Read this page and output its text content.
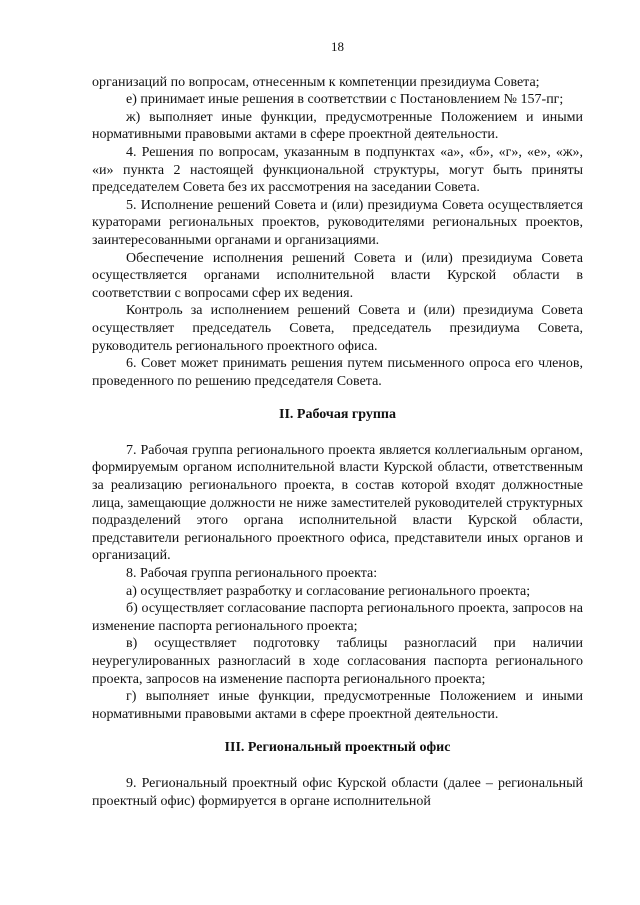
18

организаций по вопросам, отнесенным к компетенции президиума Совета;

е) принимает иные решения в соответствии с Постановлением № 157-пг;

ж) выполняет иные функции, предусмотренные Положением и иными нормативными правовыми актами в сфере проектной деятельности.

4. Решения по вопросам, указанным в подпунктах «а», «б», «г», «е», «ж», «и» пункта 2 настоящей функциональной структуры, могут быть приняты председателем Совета без их рассмотрения на заседании Совета.

5. Исполнение решений Совета и (или) президиума Совета осуществляется кураторами региональных проектов, руководителями региональных проектов, заинтересованными органами и организациями.

Обеспечение исполнения решений Совета и (или) президиума Совета осуществляется органами исполнительной власти Курской области в соответствии с вопросами сфер их ведения.

Контроль за исполнением решений Совета и (или) президиума Совета осуществляет председатель Совета, председатель президиума Совета, руководитель регионального проектного офиса.

6. Совет может принимать решения путем письменного опроса его членов, проведенного по решению председателя Совета.

II. Рабочая группа

7. Рабочая группа регионального проекта является коллегиальным органом, формируемым органом исполнительной власти Курской области, ответственным за реализацию регионального проекта, в состав которой входят должностные лица, замещающие должности не ниже заместителей руководителей структурных подразделений этого органа исполнительной власти Курской области, представители регионального проектного офиса, представители иных органов и организаций.

8. Рабочая группа регионального проекта:

а) осуществляет разработку и согласование регионального проекта;

б) осуществляет согласование паспорта регионального проекта, запросов на изменение паспорта регионального проекта;

в) осуществляет подготовку таблицы разногласий при наличии неурегулированных разногласий в ходе согласования паспорта регионального проекта, запросов на изменение паспорта регионального проекта;

г) выполняет иные функции, предусмотренные Положением и иными нормативными правовыми актами в сфере проектной деятельности.

III. Региональный проектный офис

9. Региональный проектный офис Курской области (далее – региональный проектный офис) формируется в органе исполнительной
